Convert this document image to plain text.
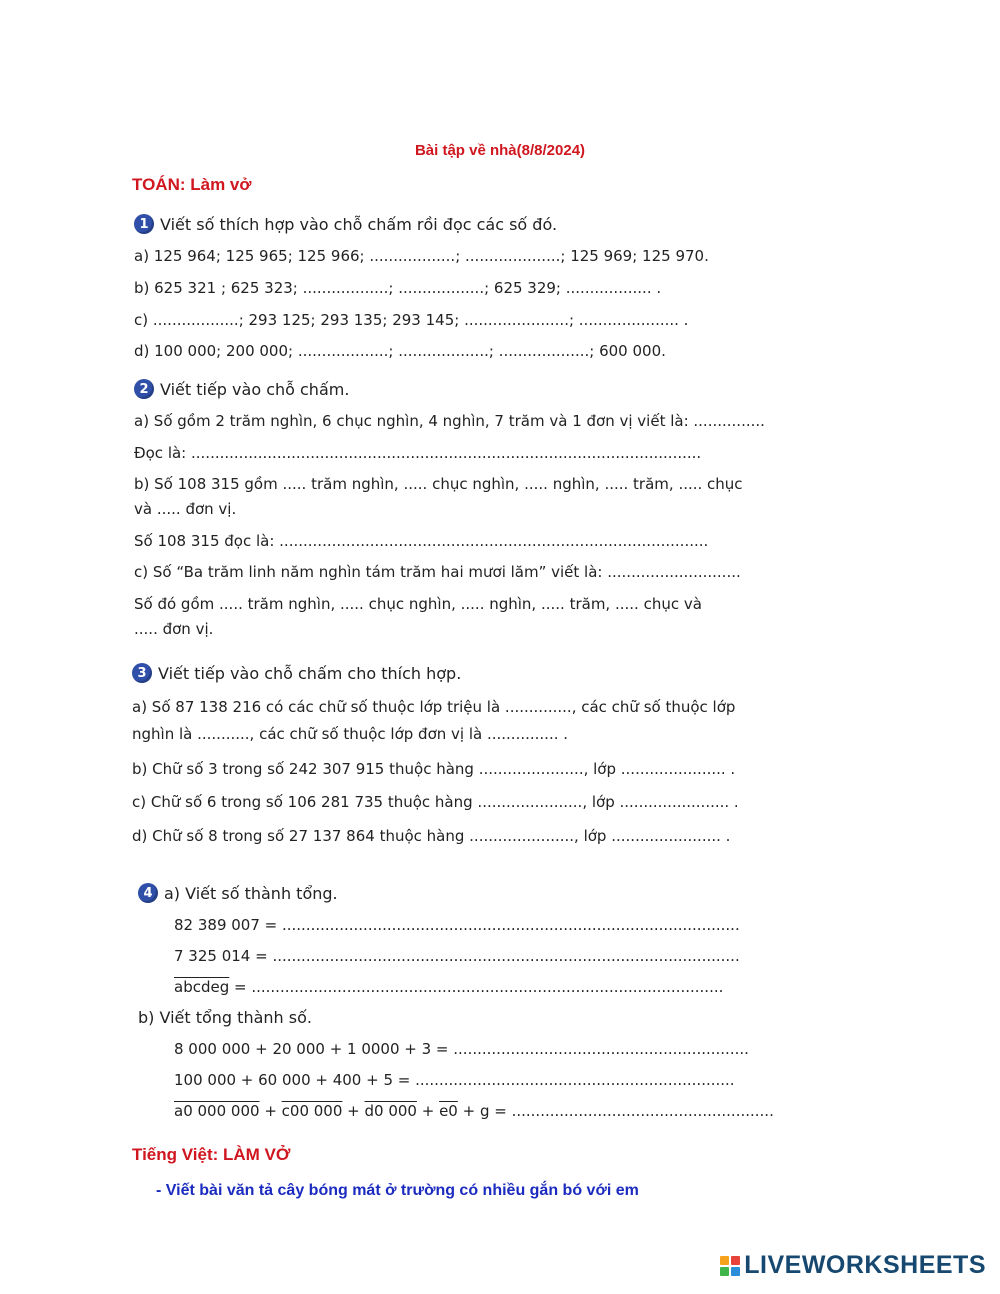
Bài tập về nhà(8/8/2024)
TOÁN: Làm vở
1 Viết số thích hợp vào chỗ chấm rồi đọc các số đó.
a) 125 964; 125 965; 125 966; ..................; ....................; 125 969; 125 970.
b) 625 321 ; 625 323; ..................; ..................; 625 329; .................. .
c) ..................; 293 125; 293 135; 293 145; ......................; ..................... .
d) 100 000; 200 000; ...................; ...................; ...................; 600 000.
2 Viết tiếp vào chỗ chấm.
a) Số gồm 2 trăm nghìn, 6 chục nghìn, 4 nghìn, 7 trăm và 1 đơn vị viết là: ...............
Đọc là: ...........................................................................................................
b) Số 108 315 gồm ..... trăm nghìn, ..... chục nghìn, ..... nghìn, ..... trăm, ..... chục
và ..... đơn vị.
Số 108 315 đọc là: ..........................................................................................
c) Số “Ba trăm linh năm nghìn tám trăm hai mươi lăm” viết là: ............................
Số đó gồm ..... trăm nghìn, ..... chục nghìn, ..... nghìn, ..... trăm, ..... chục và
..... đơn vị.
3 Viết tiếp vào chỗ chấm cho thích hợp.
a) Số 87 138 216 có các chữ số thuộc lớp triệu là .............., các chữ số thuộc lớp
nghìn là ..........., các chữ số thuộc lớp đơn vị là ............... .
b) Chữ số 3 trong số 242 307 915 thuộc hàng ......................, lớp ...................... .
c) Chữ số 6 trong số 106 281 735 thuộc hàng ......................, lớp ....................... .
d) Chữ số 8 trong số 27 137 864 thuộc hàng ......................, lớp ....................... .
4 a) Viết số thành tổng.
82 389 007 = ................................................................................................
7 325 014 = ..................................................................................................
abcdeg = ...................................................................................................
b) Viết tổng thành số.
8 000 000 + 20 000 + 1 0000 + 3 = ..............................................................
100 000 + 60 000 + 400 + 5 = ...................................................................
a0 000 000 + c00 000 + d0 000 + e0 + g = .......................................................
Tiếng Việt: LÀM VỞ
- Viết bài văn tả cây bóng mát ở trường có nhiều gắn bó với em
LIVEWORKSHEETS
